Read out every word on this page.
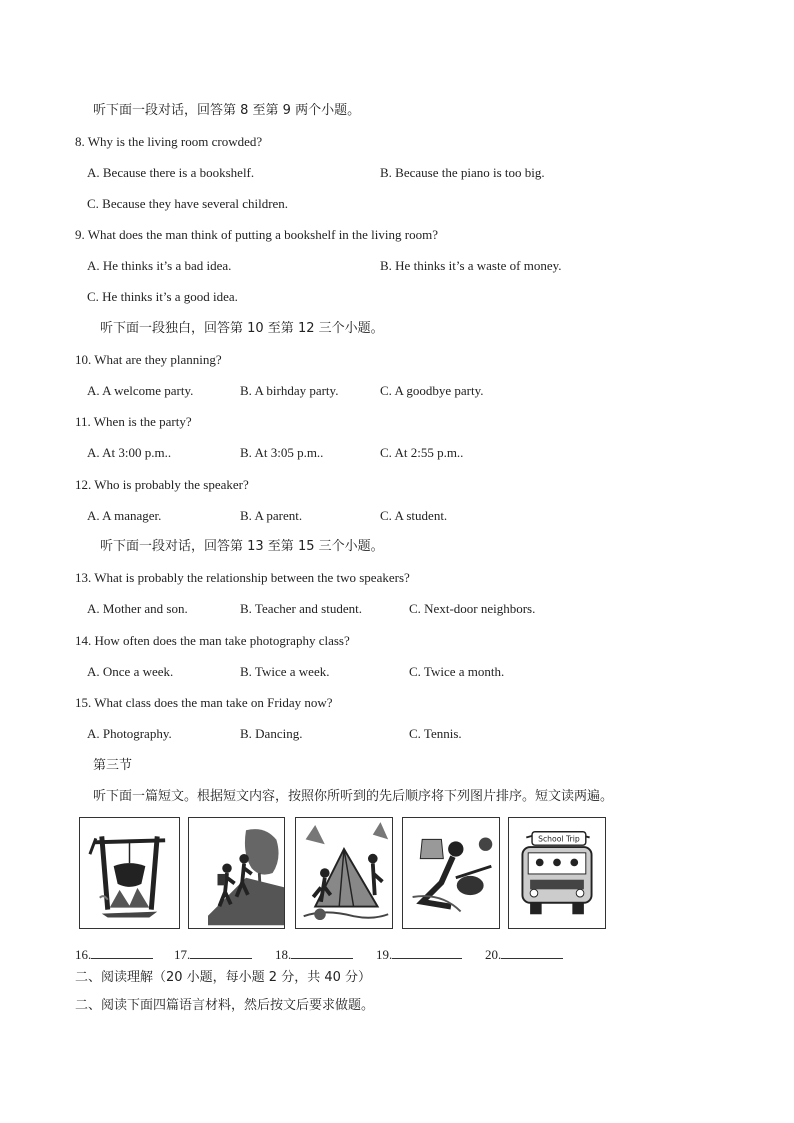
听下面一段对话，回答第 8 至第 9 两个小题。
8. Why is the living room crowded?
A. Because there is a bookshelf.	B. Because the piano is too big.
C. Because they have several children.
9. What does the man think of putting a bookshelf in the living room?
A. He thinks it’s a bad idea.	B. He thinks it’s a waste of money.
C. He thinks it’s a good idea.
听下面一段独白，回答第 10 至第 12 三个小题。
10. What are they planning?
A. A welcome party.	B. A birhday party.	C. A goodbye party.
11. When is the party?
A. At 3:00 p.m..	B. At 3:05 p.m..	C. At 2:55 p.m..
12. Who is probably the speaker?
A. A manager.	B. A parent.	C. A student.
听下面一段对话，回答第 13 至第 15 三个小题。
13. What is probably the relationship between the two speakers?
A. Mother and son.	B. Teacher and student.	C. Next-door neighbors.
14. How often does the man take photography class?
A. Once a week.	B. Twice a week.	C. Twice a month.
15. What class does the man take on Friday now?
A. Photography.	B. Dancing.	C. Tennis.
第三节
听下面一篇短文。根据短文内容，按照你所听到的先后顺序将下列图片排序。短文读两遍。
School Trip
16.	17.	18.	19.	20.
二、阅读理解（20 小题，每小题 2 分，共 40 分）
二、阅读下面四篇语言材料，然后按文后要求做题。
